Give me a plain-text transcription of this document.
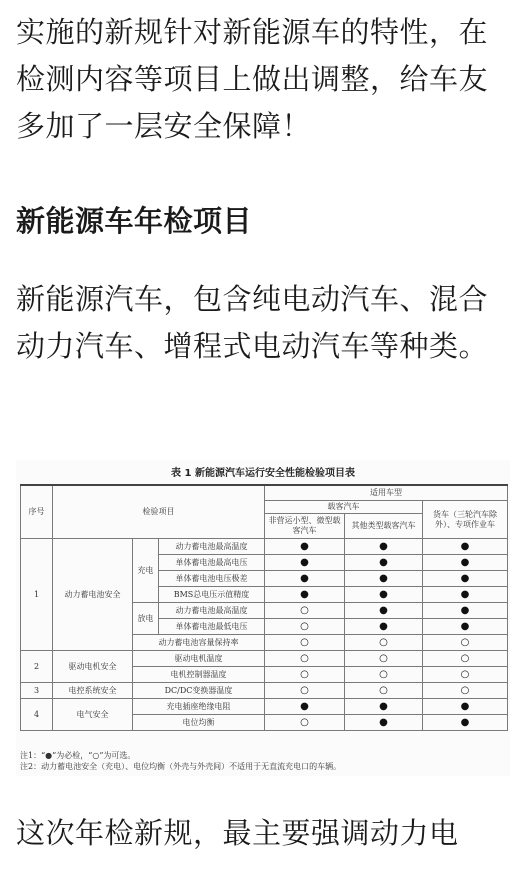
实施的新规针对新能源车的特性，在检测内容等项目上做出调整，给车友多加了一层安全保障！

新能源车年检项目

新能源汽车，包含纯电动汽车、混合动力汽车、增程式电动汽车等种类。

表 1 新能源汽车运行安全性能检验项目表
序号	检验项目			适用车型		
				载客汽车		货车（三轮汽车除外）、专项作业车
				非营运小型、微型载客汽车	其他类型载客汽车	
1	动力蓄电池安全	充电	动力蓄电池最高温度	●	●	●
			单体蓄电池最高电压	●	●	●
			单体蓄电池电压极差	●	●	●
			BMS总电压示值精度	●	●	●
		放电	动力蓄电池最高温度	○	●	●
			单体蓄电池最低电压	○	●	●
		动力蓄电池容量保持率		○	○	○
2	驱动电机安全	驱动电机温度		○	○	○
		电机控制器温度		○	○	○
3	电控系统安全	DC/DC变换器温度		○	○	○
4	电气安全	充电插座绝缘电阻		●	●	●
		电位均衡		○	●	●
注1：“●”为必检，“○”为可选。
注2：动力蓄电池安全（充电）、电位均衡（外壳与外壳间）不适用于无直流充电口的车辆。

这次年检新规，最主要强调动力电
